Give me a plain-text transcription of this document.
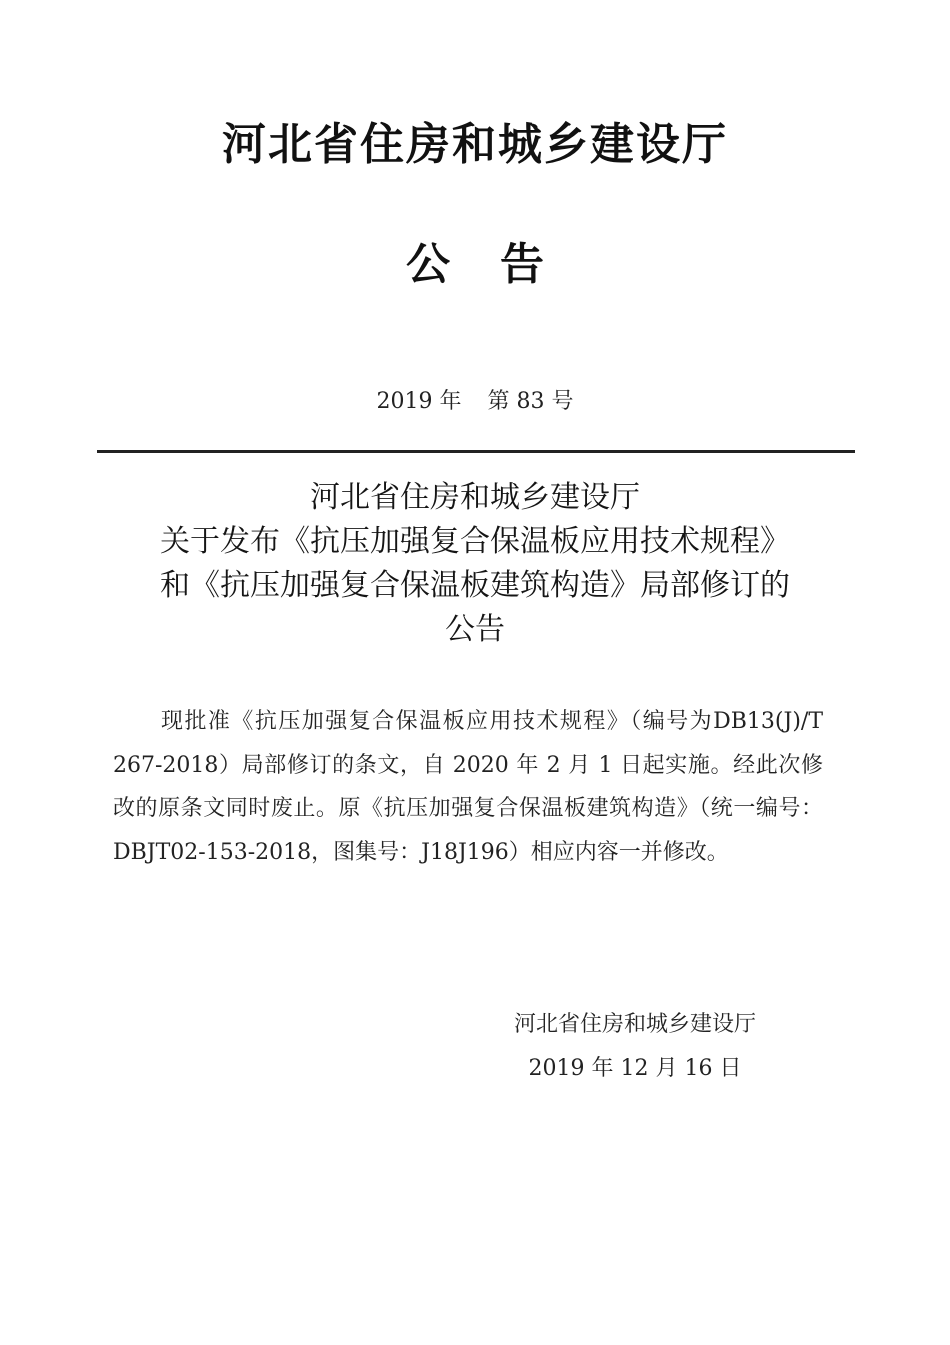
河北省住房和城乡建设厅
公告
2019 年 第 83 号
河北省住房和城乡建设厅
关于发布《抗压加强复合保温板应用技术规程》
和《抗压加强复合保温板建筑构造》局部修订的
公告
现批准《抗压加强复合保温板应用技术规程》（编号为DB13(J)/T 267-2018）局部修订的条文，自 2020 年 2 月 1 日起实施。经此次修改的原条文同时废止。原《抗压加强复合保温板建筑构造》（统一编号：DBJT02-153-2018，图集号：J18J196）相应内容一并修改。
河北省住房和城乡建设厅
2019 年 12 月 16 日
